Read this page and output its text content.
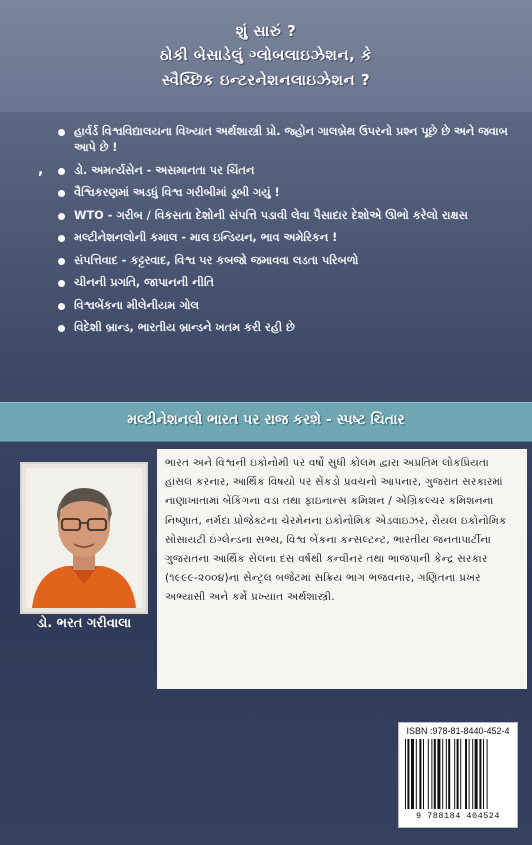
શું સારું ?
ઠોકી બેસાડેલું ગ્લોબલાઇઝેશન, કે
સ્વૈચ્છિક ઇન્ટરનેશનલાઇઝેશન ?
,
હાર્વર્ડ વિશ્વવિદ્યાલયના વિખ્યાત અર્થશાસ્ત્રી પ્રો. જ્હોન ગાલબ્રેથ ઉપરનો પ્રશ્ન પૂછે છે અને જવાબ આપે છે !
ડો. અમર્ત્યસેન - અસમાનતા પર ચિંતન
વૈશ્વિકરણમાં અડધું વિશ્વ ગરીબીમાં ડૂબી ગયું !
WTO - ગરીબ / વિકસતા દેશોની સંપત્તિ પડાવી લેવા પૈસાદાર દેશોએ ઊભો કરેલો રાક્ષસ
મલ્ટીનેશનલોની કમાલ - માલ ઇન્ડિયન, ભાવ અમેરિકન !
સંપત્તિવાદ - કટ્ટરવાદ, વિશ્વ પર કબજો જમાવવા લડતા પરિબળો
ચીનની પ્રગતિ, જાપાનની નીતિ
વિશ્વબેંકના મીલેનીયમ ગોલ
વિદેશી બ્રાન્ડ, ભારતીય બ્રાન્ડને ખતમ કરી રહી છે
મલ્ટીનેશનલો ભારત પર રાજ કરશે - સ્પષ્ટ ચિતાર
ડો. ભરત ગરીવાલા
ભારત અને વિશ્વની ઇકોનોમી પર વર્ષો સુધી કોલમ દ્વારા અપ્રતિમ લોકપ્રિયતા હાંસલ કરનાર, આર્થિક વિષયો પર સેંકડો પ્રવચનો આપનાર, ગુજરાત સરકારમાં નાણાખાતામાં બેંકિંગના વડા તથા ફાઇનાન્સ કમિશન / એગ્રિકલ્ચર કમિશનના નિષ્ણાત, નર્મદા પ્રોજેક્ટના ચેરમેનના ઇકોનોમિક એડવાઇઝર, રોયલ ઇકોનોમિક સોસાયટી ઇંગ્લેન્ડના સભ્ય, વિશ્વ બેંકના કન્સલ્ટન્ટ, ભારતીય જનતાપાર્ટીના ગુજરાતના આર્થિક સેલના દસ વર્ષથી કન્વીનર તથા ભાજપાની કેન્દ્ર સરકાર (૧૯૯૯-૨૦૦૪)ના સેન્ટ્રલ બજેટમાં સક્રિય ભાગ ભજવનાર, ગણિતના પ્રખર અભ્યાસી અને કર્મે પ્રખ્યાત અર્થશાસ્ત્રી.
ISBN :978-81-8440-452-4
9 788184 404524
